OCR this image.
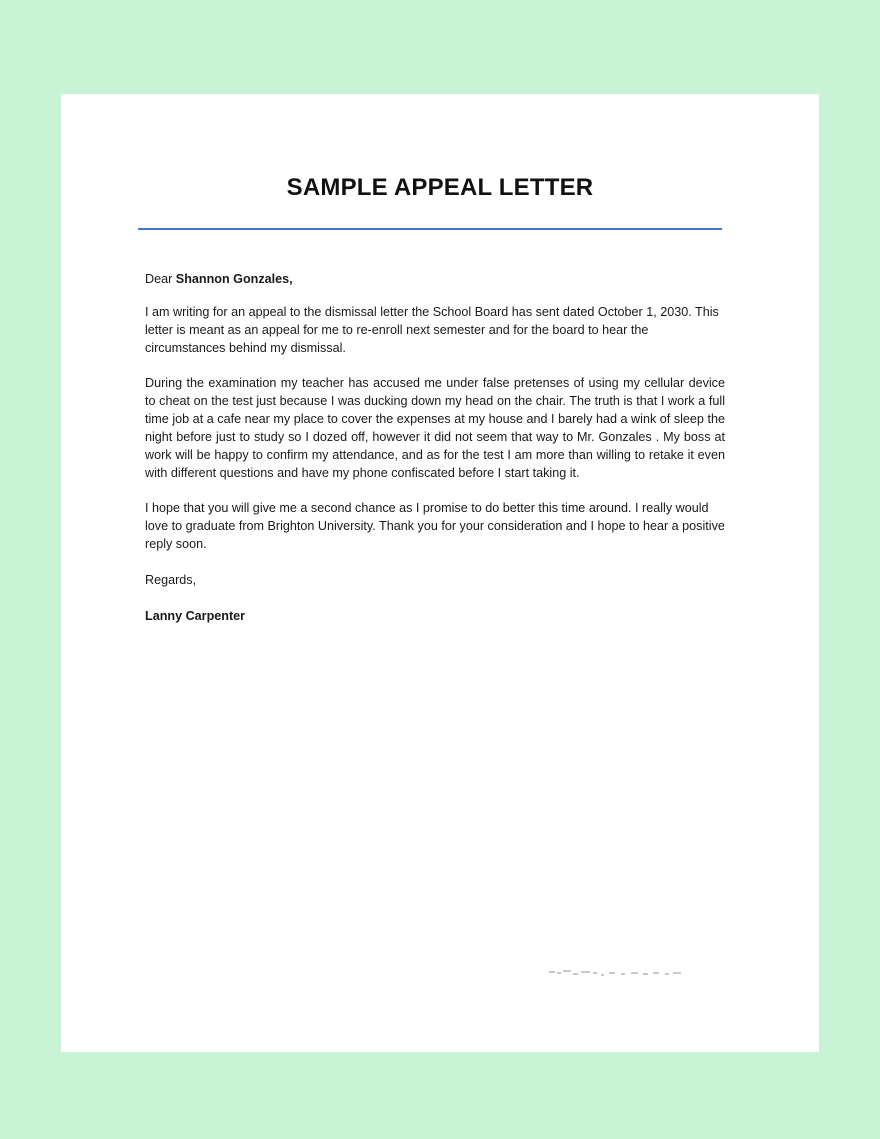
SAMPLE APPEAL LETTER

Dear Shannon Gonzales,

I am writing for an appeal to the dismissal letter the School Board has sent dated October 1, 2030. This letter is meant as an appeal for me to re-enroll next semester and for the board to hear the circumstances behind my dismissal.

During the examination my teacher has accused me under false pretenses of using my cellular device to cheat on the test just because I was ducking down my head on the chair. The truth is that I work a full time job at a cafe near my place to cover the expenses at my house and I barely had a wink of sleep the night before just to study so I dozed off, however it did not seem that way to Mr. Gonzales . My boss at work will be happy to confirm my attendance, and as for the test I am more than willing to retake it even with different questions and have my phone confiscated before I start taking it.

I hope that you will give me a second chance as I promise to do better this time around. I really would love to graduate from Brighton University. Thank you for your consideration and I hope to hear a positive reply soon.

Regards,

Lanny Carpenter
